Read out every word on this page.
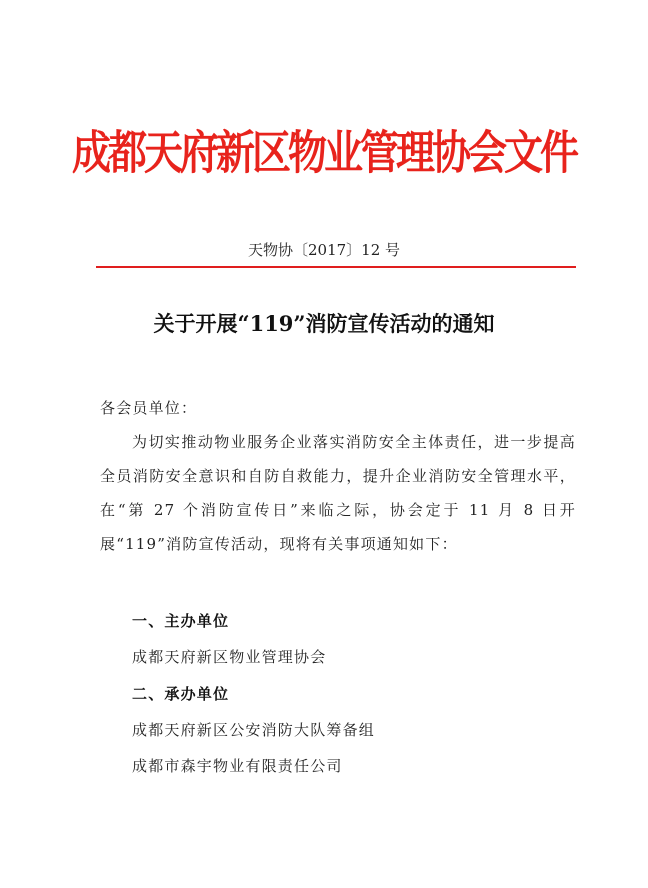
成都天府新区物业管理协会文件
天物协〔2017〕12 号
关于开展“119”消防宣传活动的通知
各会员单位：
为切实推动物业服务企业落实消防安全主体责任，进一步提高全员消防安全意识和自防自救能力，提升企业消防安全管理水平，在“第 27 个消防宣传日”来临之际，协会定于 11 月 8 日开展“119”消防宣传活动，现将有关事项通知如下：
一、主办单位
成都天府新区物业管理协会
二、承办单位
成都天府新区公安消防大队筹备组
成都市森宇物业有限责任公司
